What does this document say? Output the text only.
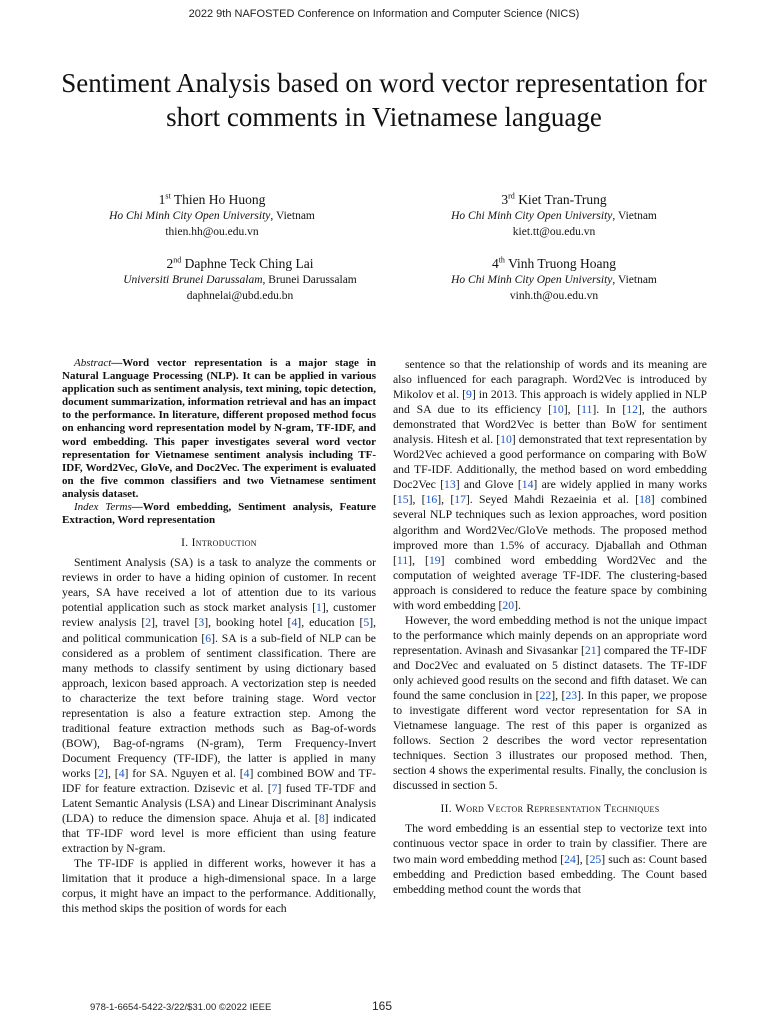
2022 9th NAFOSTED Conference on Information and Computer Science (NICS)
Sentiment Analysis based on word vector representation for short comments in Vietnamese language
1st Thien Ho Huong
Ho Chi Minh City Open University, Vietnam
thien.hh@ou.edu.vn
3rd Kiet Tran-Trung
Ho Chi Minh City Open University, Vietnam
kiet.tt@ou.edu.vn
2nd Daphne Teck Ching Lai
Universiti Brunei Darussalam, Brunei Darussalam
daphnelai@ubd.edu.bn
4th Vinh Truong Hoang
Ho Chi Minh City Open University, Vietnam
vinh.th@ou.edu.vn

Abstract—Word vector representation is a major stage in Natural Language Processing (NLP). It can be applied in various application such as sentiment analysis, text mining, topic detection, document summarization, information retrieval and has an impact to the performance. In literature, different proposed method focus on enhancing word representation model by N-gram, TF-IDF, and word embedding. This paper investigates several word vector representation for Vietnamese sentiment analysis including TF-IDF, Word2Vec, GloVe, and Doc2Vec. The experiment is evaluated on the five common classifiers and two Vietnamese sentiment analysis dataset.

Index Terms—Word embedding, Sentiment analysis, Feature Extraction, Word representation

I. Introduction

Sentiment Analysis (SA) is a task to analyze the comments or reviews in order to have a hiding opinion of customer. In recent years, SA have received a lot of attention due to its various potential application such as stock market analysis [1], customer review analysis [2], travel [3], booking hotel [4], education [5], and political communication [6]. SA is a sub-field of NLP can be considered as a problem of sentiment classification. There are many methods to classify sentiment by using dictionary based approach, lexicon based approach. A vectorization step is needed to characterize the text before training stage. Word vector representation is also a feature extraction step. Among the traditional feature extraction methods such as Bag-of-words (BOW), Bag-of-ngrams (N-gram), Term Frequency-Invert Document Frequency (TF-IDF), the latter is applied in many works [2], [4] for SA. Nguyen et al. [4] combined BOW and TF-IDF for feature extraction. Dzisevic et al. [7] fused TF-TDF and Latent Semantic Analysis (LSA) and Linear Discriminant Analysis (LDA) to reduce the dimension space. Ahuja et al. [8] indicated that TF-IDF word level is more efficient than using feature extraction by N-gram.

The TF-IDF is applied in different works, however it has a limitation that it produce a high-dimensional space. In a large corpus, it might have an impact to the performance. Additionally, this method skips the position of words for each

sentence so that the relationship of words and its meaning are also influenced for each paragraph. Word2Vec is introduced by Mikolov et al. [9] in 2013. This approach is widely applied in NLP and SA due to its efficiency [10], [11]. In [12], the authors demonstrated that Word2Vec is better than BoW for sentiment analysis. Hitesh et al. [10] demonstrated that text representation by Word2Vec achieved a good performance on comparing with BoW and TF-IDF. Additionally, the method based on word embedding Doc2Vec [13] and Glove [14] are widely applied in many works [15], [16], [17]. Seyed Mahdi Rezaeinia et al. [18] combined several NLP techniques such as lexion approaches, word position algorithm and Word2Vec/GloVe methods. The proposed method improved more than 1.5% of accuracy. Djaballah and Othman [11], [19] combined word embedding Word2Vec and the computation of weighted average TF-IDF. The clustering-based approach is considered to reduce the feature space by combining with word embedding [20].

However, the word embedding method is not the unique impact to the performance which mainly depends on an appropriate word representation. Avinash and Sivasankar [21] compared the TF-IDF and Doc2Vec and evaluated on 5 distinct datasets. The TF-IDF only achieved good results on the second and fifth dataset. We can found the same conclusion in [22], [23]. In this paper, we propose to investigate different word vector representation for SA in Vietnamese language. The rest of this paper is organized as follows. Section 2 describes the word vector representation techniques. Section 3 illustrates our proposed method. Then, section 4 shows the experimental results. Finally, the conclusion is discussed in section 5.

II. Word Vector Representation Techniques

The word embedding is an essential step to vectorize text into continuous vector space in order to train by classifier. There are two main word embedding method [24], [25] such as: Count based embedding and Prediction based embedding. The Count based embedding method count the words that

978-1-6654-5422-3/22/$31.00 ©2022 IEEE	165
